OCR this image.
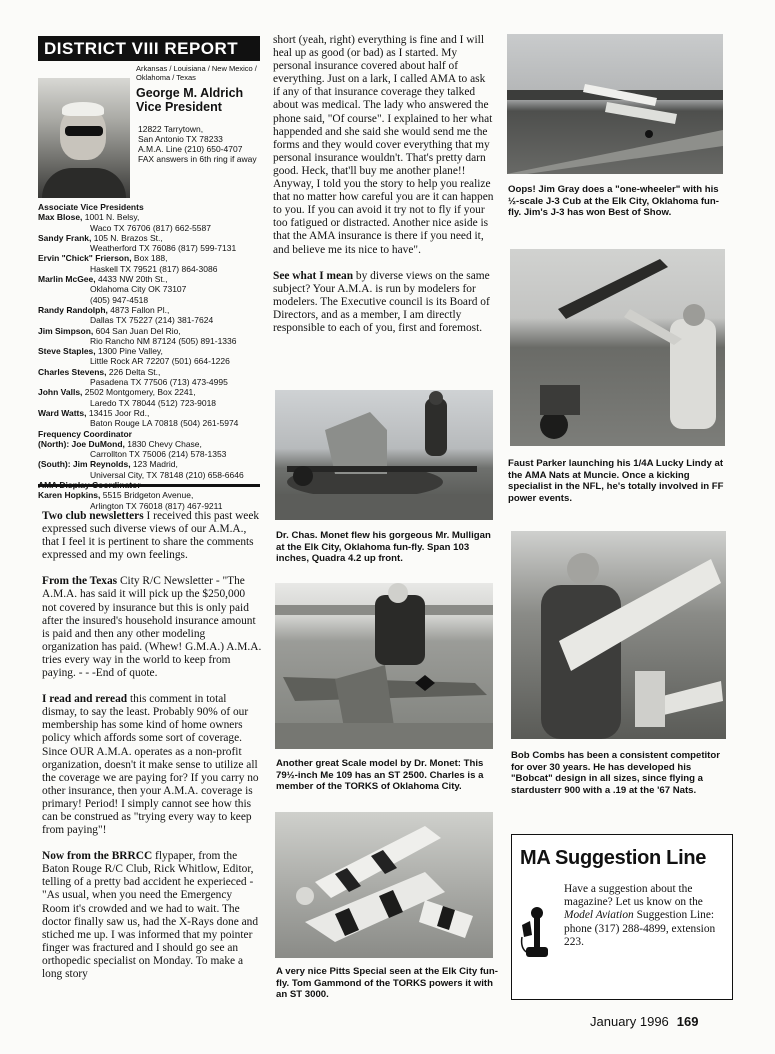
DISTRICT VIII REPORT
Arkansas / Louisiana / New Mexico /
Oklahoma / Texas
George M. Aldrich
Vice President
12822 Tarrytown,
San Antonio TX 78233
A.M.A. Line (210) 650-4707
FAX answers in 6th ring if away
Associate Vice Presidents
Max Blose, 1001 N. Belsy,
Waco TX 76706 (817) 662-5587
Sandy Frank, 105 N. Brazos St.,
Weatherford TX 76086 (817) 599-7131
Ervin "Chick" Frierson, Box 188,
Haskell TX 79521 (817) 864-3086
Marlin McGee, 4433 NW 20th St.,
Oklahoma City OK 73107
(405) 947-4518
Randy Randolph, 4873 Fallon Pl.,
Dallas TX 75227 (214) 381-7624
Jim Simpson, 604 San Juan Del Rio,
Rio Rancho NM 87124 (505) 891-1336
Steve Staples, 1300 Pine Valley,
Little Rock AR 72207 (501) 664-1226
Charles Stevens, 226 Delta St.,
Pasadena TX 77506 (713) 473-4995
John Valls, 2502 Montgomery, Box 2241,
Laredo TX 78044 (512) 723-9018
Ward Watts, 13415 Joor Rd.,
Baton Rouge LA 70818 (504) 261-5974
Frequency Coordinator
(North): Joe DuMond, 1830 Chevy Chase,
Carrollton TX 75006 (214) 578-1353
(South): Jim Reynolds, 123 Madrid,
Universal City, TX 78148 (210) 658-6646
Karen Hopkins, 5515 Bridgeton Avenue,
Arlington TX 76018 (817) 467-9211

Two club newsletters I received this past week expressed such diverse views of our A.M.A., that I feel it is pertinent to share the comments expressed and my own feelings.

From the Texas City R/C Newsletter - "The A.M.A. has said it will pick up the $250,000 not covered by insurance but this is only paid after the insured's household insurance amount is paid and then any other modeling organization has paid. (Whew! G.M.A.) A.M.A. tries every way in the world to keep from paying. - - -End of quote.

I read and reread this comment in total dismay, to say the least. Probably 90% of our membership has some kind of home owners policy which affords some sort of coverage. Since OUR A.M.A. operates as a non-profit organization, doesn't it make sense to utilize all the coverage we are paying for? If you carry no other insurance, then your A.M.A. coverage is primary! Period! I simply cannot see how this can be construed as "trying every way to keep from paying"!

Now from the BRRCC flypaper, from the Baton Rouge R/C Club, Rick Whitlow, Editor, telling of a pretty bad accident he experieced - "As usual, when you need the Emergency Room it's crowded and we had to wait. The doctor finally saw us, had the X-Rays done and stiched me up. I was informed that my pointer finger was fractured and I should go see an orthopedic specialist on Monday. To make a long story

short (yeah, right) everything is fine and I will heal up as good (or bad) as I started. My personal insurance covered about half of everything. Just on a lark, I called AMA to ask if any of that insurance coverage they talked about was medical. The lady who answered the phone said, "Of course". I explained to her what happended and she said she would send me the forms and they would cover everything that my personal insurance wouldn't. That's pretty darn good. Heck, that'll buy me another plane!! Anyway, I told you the story to help you realize that no matter how careful you are it can happen to you. If you can avoid it try not to fly if your too fatigued or distracted. Another nice aside is that the AMA insurance is there if you need it, and believe me its nice to have".

See what I mean by diverse views on the same subject? Your A.M.A. is run by modelers for modelers. The Executive council is its Board of Directors, and as a member, I am directly responsible to each of you, first and foremost.

Dr. Chas. Monet flew his gorgeous Mr. Mulligan at the Elk City, Oklahoma fun-fly. Span 103 inches, Quadra 4.2 up front.
Another great Scale model by Dr. Monet: This 79½-inch Me 109 has an ST 2500. Charles is a member of the TORKS of Oklahoma City.
A very nice Pitts Special seen at the Elk City fun-fly. Tom Gammond of the TORKS powers it with an ST 3000.
Oops! Jim Gray does a "one-wheeler" with his ½-scale J-3 Cub at the Elk City, Oklahoma fun-fly. Jim's J-3 has won Best of Show.
Faust Parker launching his 1/4A Lucky Lindy at the AMA Nats at Muncie. Once a kicking specialist in the NFL, he's totally involved in FF power events.
Bob Combs has been a consistent competitor for over 30 years. He has developed his "Bobcat" design in all sizes, since flying a stardusterr 900 with a .19 at the '67 Nats.
MA Suggestion Line
Have a suggestion about the magazine? Let us know on the Model Aviation Suggestion Line: phone (317) 288-4899, extension 223.
January 1996 169
